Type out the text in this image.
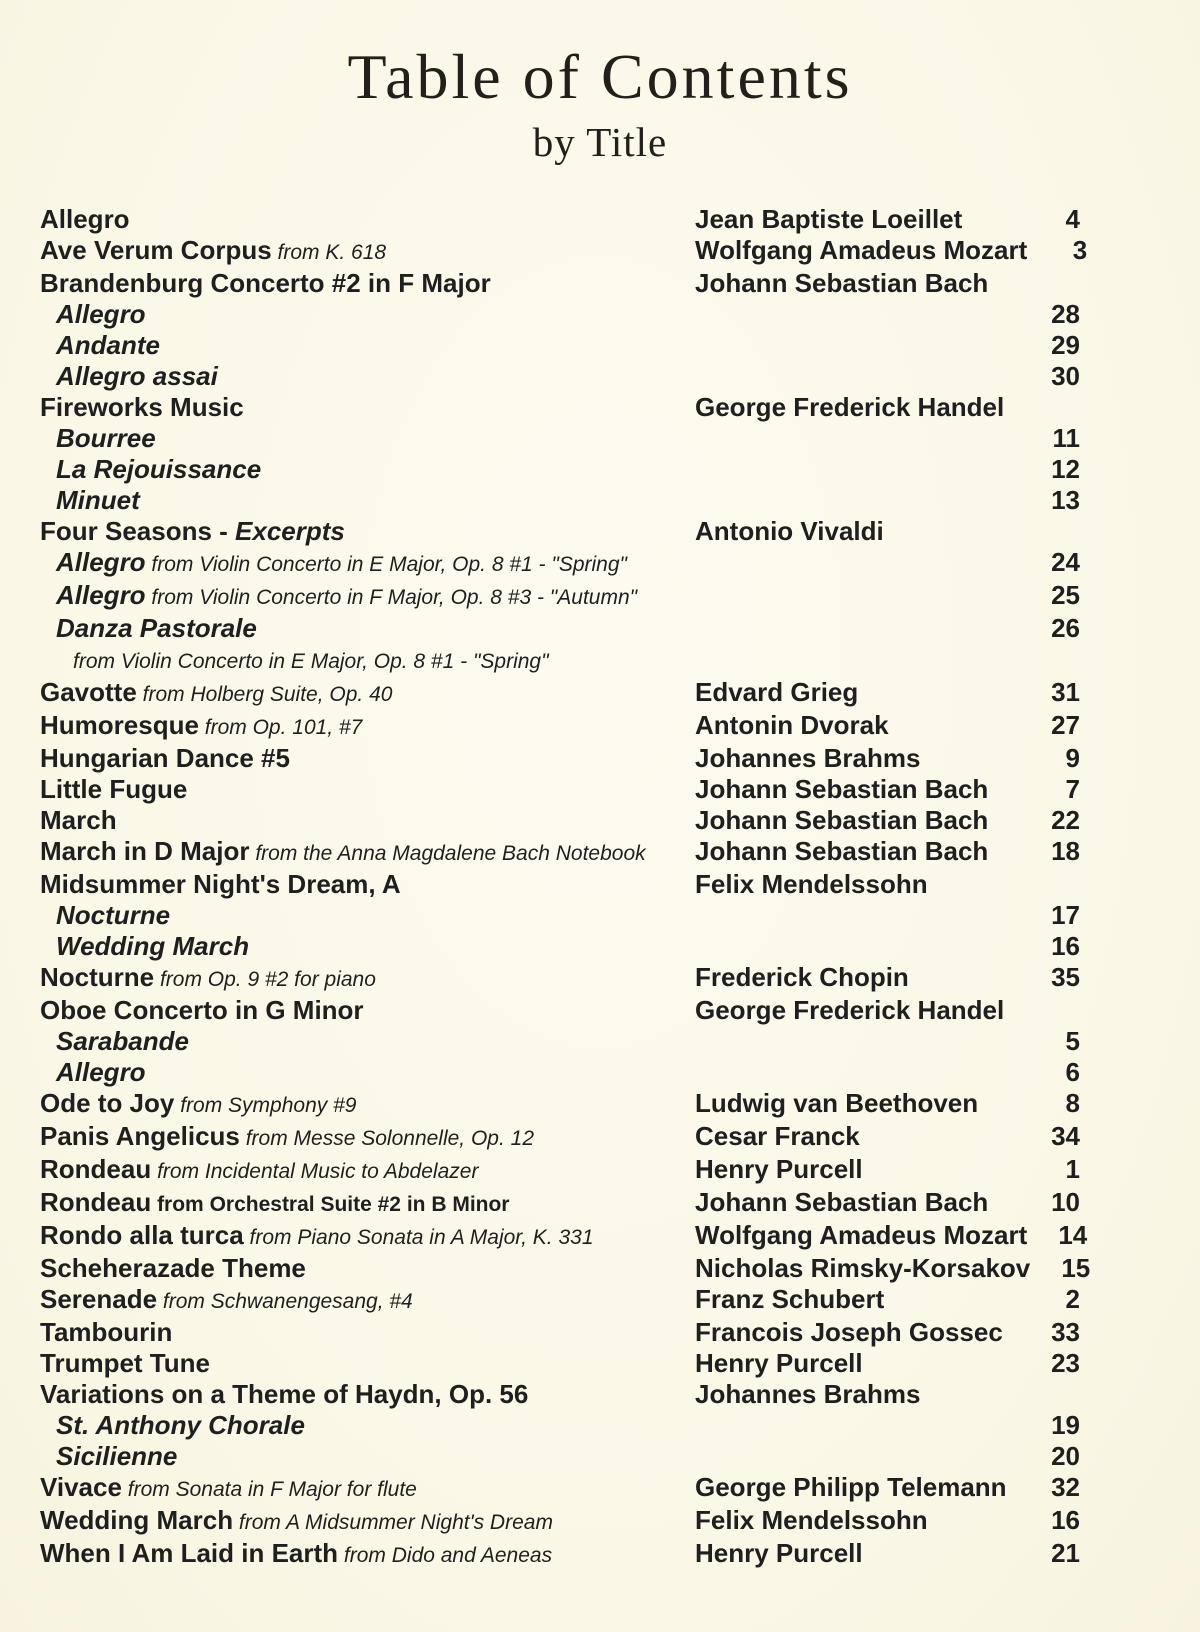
Table of Contents
by Title
Allegro	Jean Baptiste Loeillet	4
Ave Verum Corpus from K. 618	Wolfgang Amadeus Mozart	3
Brandenburg Concerto #2 in F Major	Johann Sebastian Bach
Allegro	28
Andante	29
Allegro assai	30
Fireworks Music	George Frederick Handel
Bourree	11
La Rejouissance	12
Minuet	13
Four Seasons - Excerpts	Antonio Vivaldi
Allegro from Violin Concerto in E Major, Op. 8 #1 - "Spring"	24
Allegro from Violin Concerto in F Major, Op. 8 #3 - "Autumn"	25
Danza Pastorale	26
from Violin Concerto in E Major, Op. 8 #1 - "Spring"
Gavotte from Holberg Suite, Op. 40	Edvard Grieg	31
Humoresque from Op. 101, #7	Antonin Dvorak	27
Hungarian Dance #5	Johannes Brahms	9
Little Fugue	Johann Sebastian Bach	7
March	Johann Sebastian Bach	22
March in D Major from the Anna Magdalene Bach Notebook	Johann Sebastian Bach	18
Midsummer Night's Dream, A	Felix Mendelssohn
Nocturne	17
Wedding March	16
Nocturne from Op. 9 #2 for piano	Frederick Chopin	35
Oboe Concerto in G Minor	George Frederick Handel
Sarabande	5
Allegro	6
Ode to Joy from Symphony #9	Ludwig van Beethoven	8
Panis Angelicus from Messe Solonnelle, Op. 12	Cesar Franck	34
Rondeau from Incidental Music to Abdelazer	Henry Purcell	1
Rondeau from Orchestral Suite #2 in B Minor	Johann Sebastian Bach	10
Rondo alla turca from Piano Sonata in A Major, K. 331	Wolfgang Amadeus Mozart	14
Scheherazade Theme	Nicholas Rimsky-Korsakov	15
Serenade from Schwanengesang, #4	Franz Schubert	2
Tambourin	Francois Joseph Gossec	33
Trumpet Tune	Henry Purcell	23
Variations on a Theme of Haydn, Op. 56	Johannes Brahms
St. Anthony Chorale	19
Sicilienne	20
Vivace from Sonata in F Major for flute	George Philipp Telemann	32
Wedding March from A Midsummer Night's Dream	Felix Mendelssohn	16
When I Am Laid in Earth from Dido and Aeneas	Henry Purcell	21
